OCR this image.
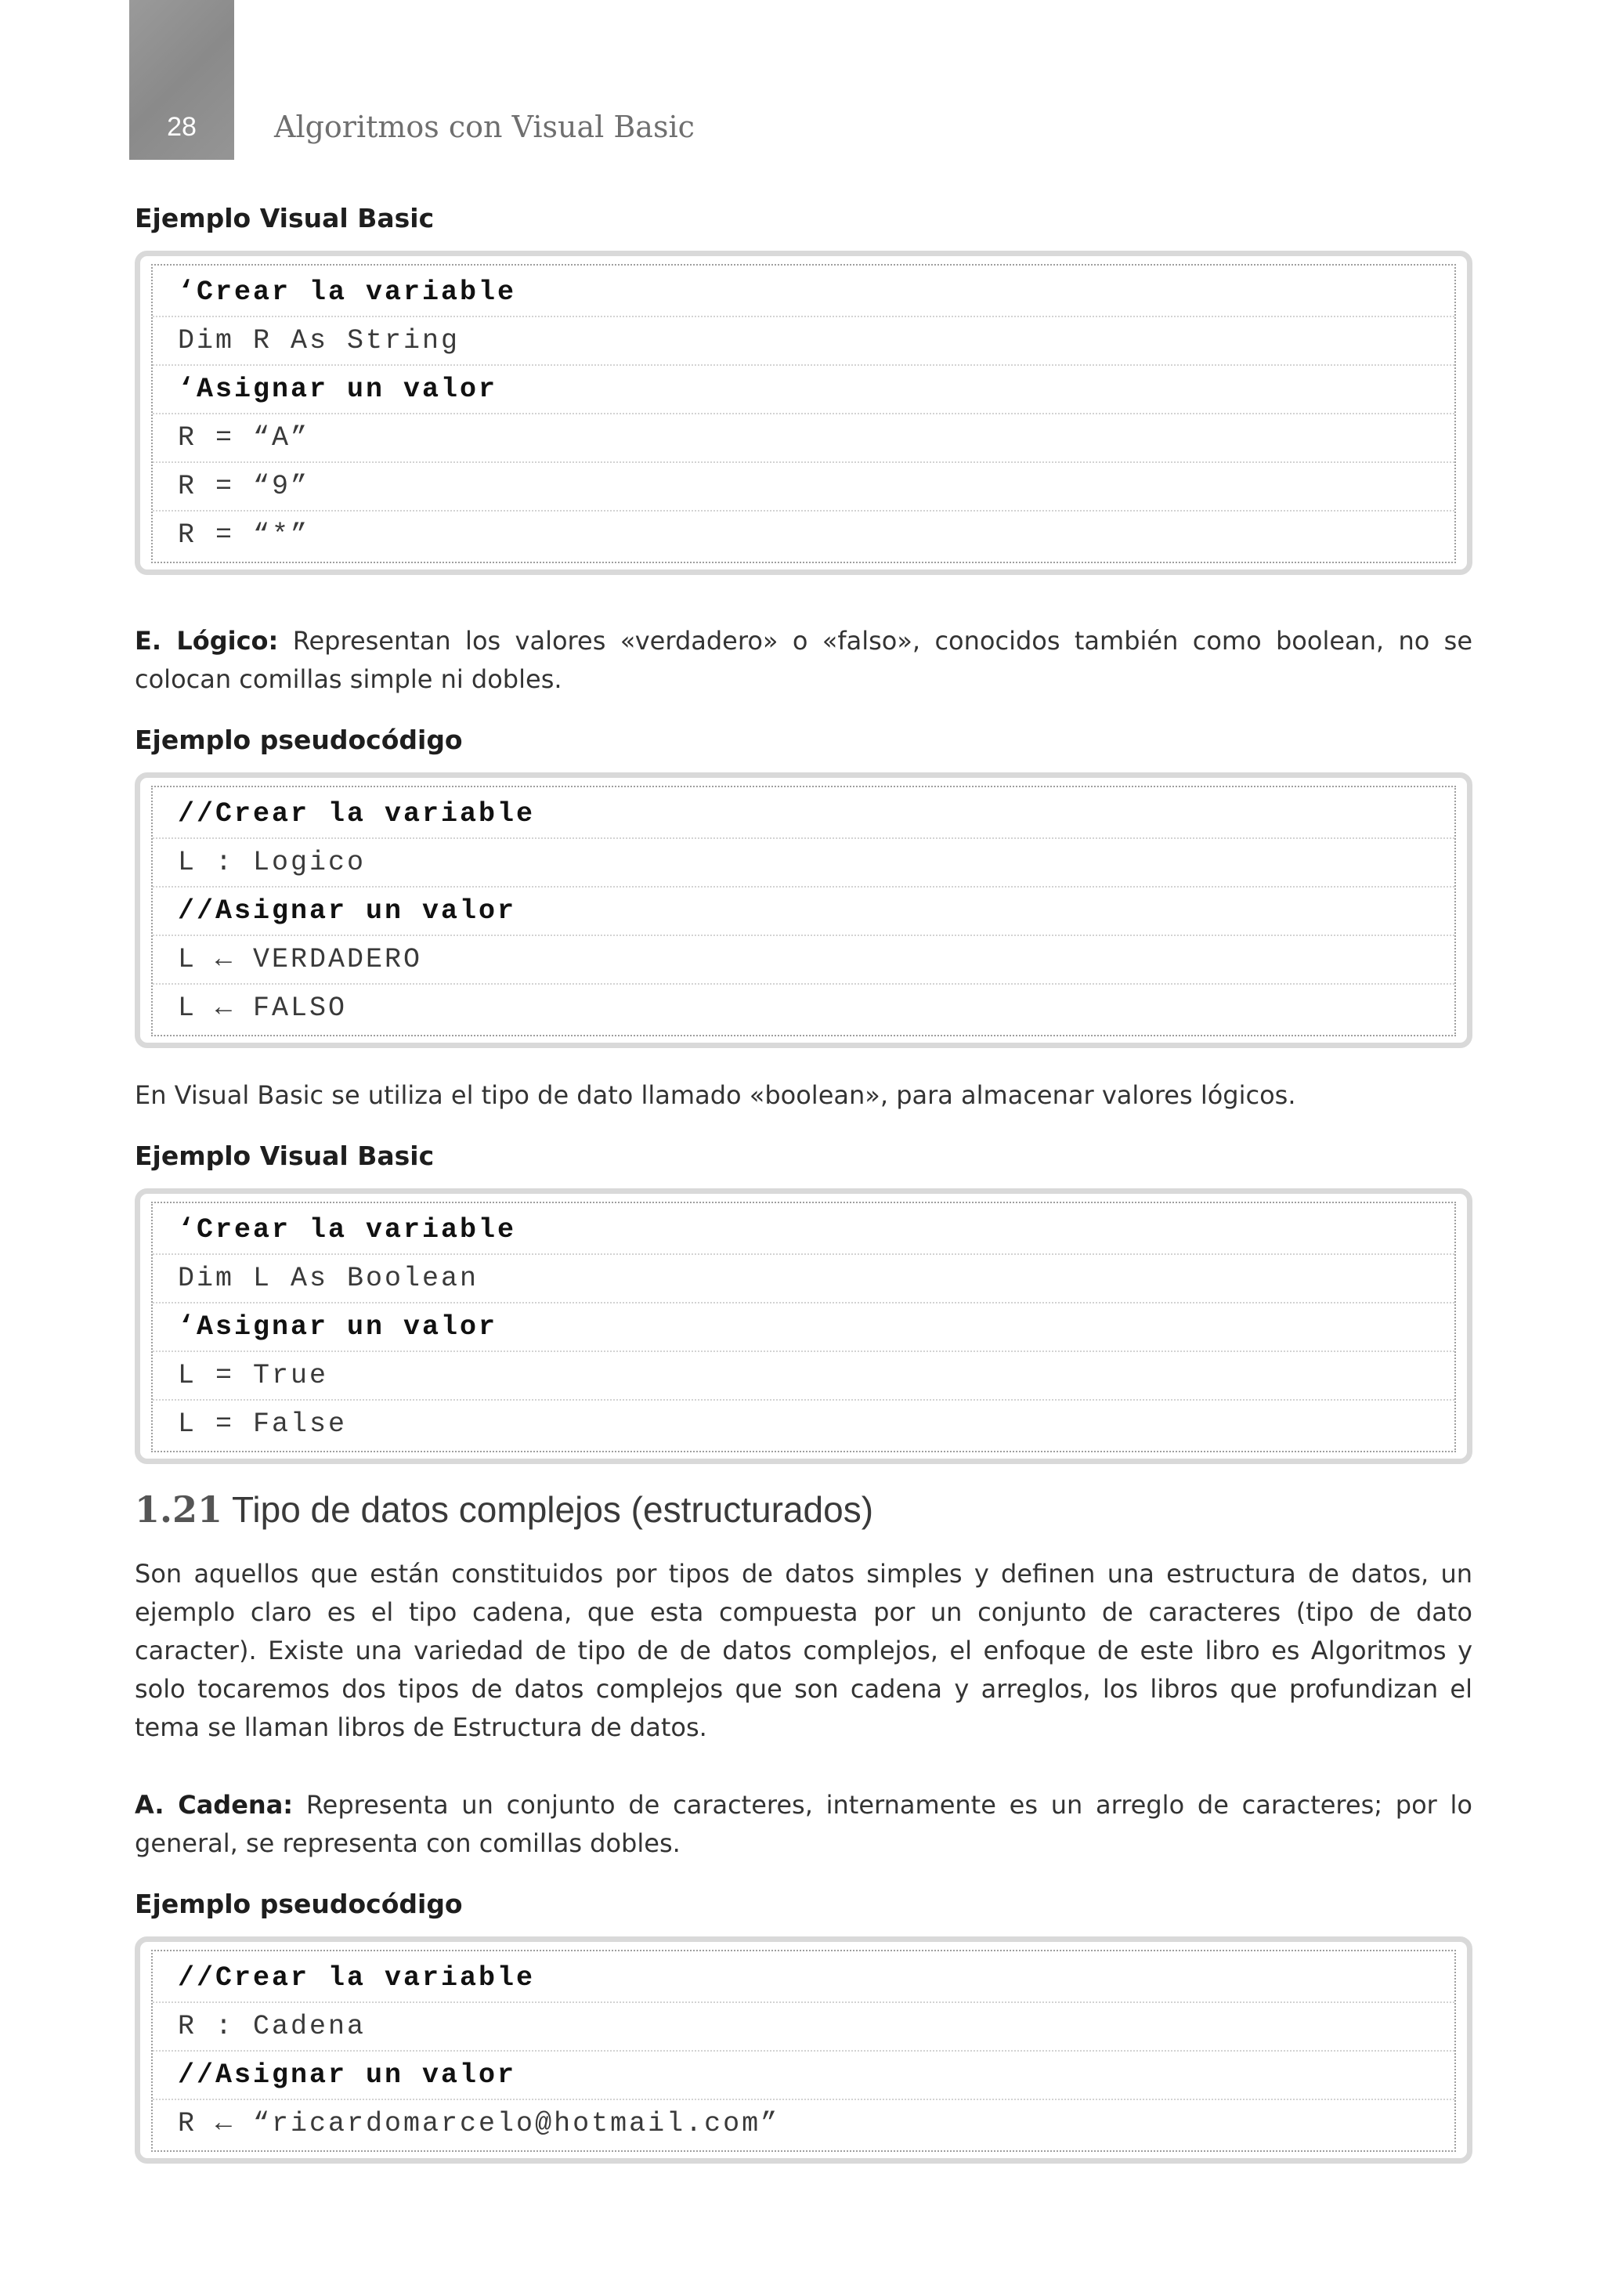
28	Algoritmos con Visual Basic
Ejemplo Visual Basic
‘Crear la variable
Dim R As String
‘Asignar un valor
R = “A”
R = “9”
R = “*”

E. Lógico: Representan los valores «verdadero» o «falso», conocidos también como boolean, no se colocan comillas simple ni dobles.

Ejemplo pseudocódigo
//Crear la variable
L : Logico
//Asignar un valor
L ← VERDADERO
L ← FALSO

En Visual Basic se utiliza el tipo de dato llamado «boolean», para almacenar valores lógicos.

Ejemplo Visual Basic
‘Crear la variable
Dim L As Boolean
‘Asignar un valor
L = True
L = False
1.21 Tipo de datos complejos (estructurados)

Son aquellos que están constituidos por tipos de datos simples y definen una estructura de datos, un ejemplo claro es el tipo cadena, que esta compuesta por un conjunto de caracteres (tipo de dato caracter). Existe una variedad de tipo de de datos complejos, el enfoque de este libro es Algoritmos y solo tocaremos dos tipos de datos complejos que son cadena y arreglos, los libros que profundizan el tema se llaman libros de Estructura de datos.

A. Cadena: Representa un conjunto de caracteres, internamente es un arreglo de caracteres; por lo general, se representa con comillas dobles.

Ejemplo pseudocódigo
//Crear la variable
R : Cadena
//Asignar un valor
R ← “ricardomarcelo@hotmail.com”
